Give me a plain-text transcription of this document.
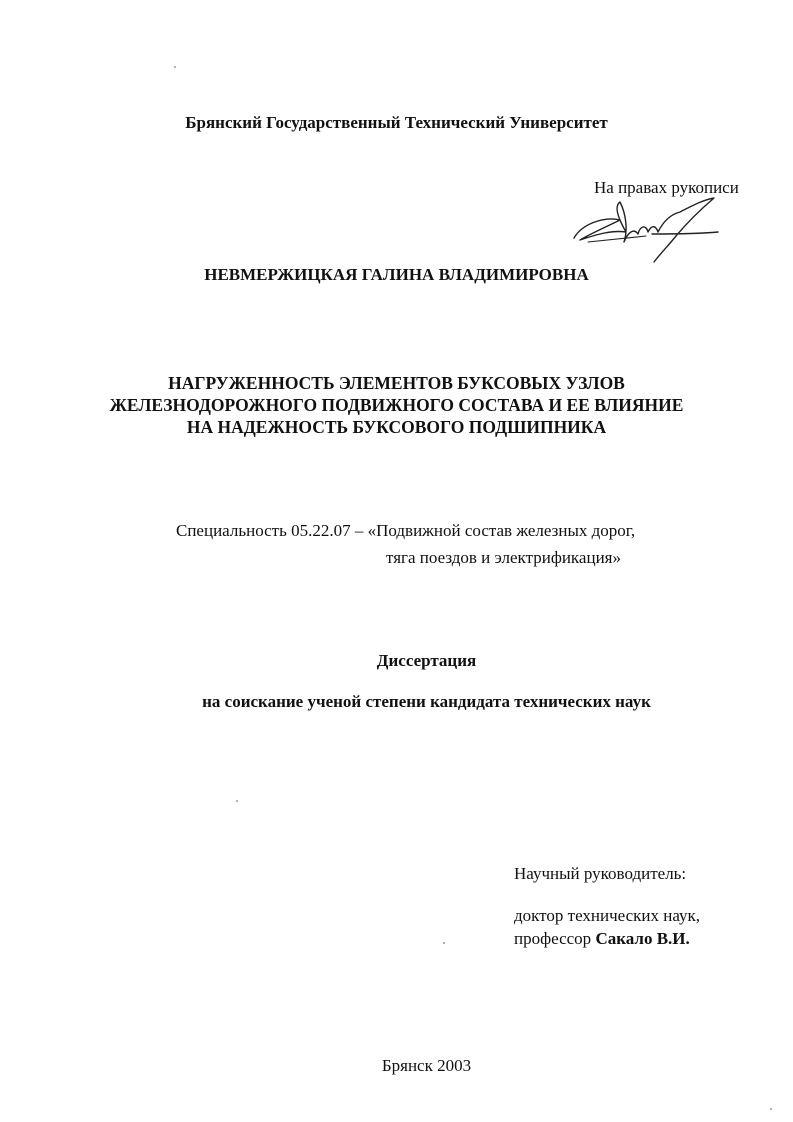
Брянский Государственный Технический Университет
На правах рукописи
НЕВМЕРЖИЦКАЯ ГАЛИНА ВЛАДИМИРОВНА
НАГРУЖЕННОСТЬ ЭЛЕМЕНТОВ БУКСОВЫХ УЗЛОВ
ЖЕЛЕЗНОДОРОЖНОГО ПОДВИЖНОГО СОСТАВА И ЕЕ ВЛИЯНИЕ
НА НАДЕЖНОСТЬ БУКСОВОГО ПОДШИПНИКА
Специальность 05.22.07 – «Подвижной состав железных дорог,
тяга поездов и электрификация»
Диссертация
на соискание ученой степени кандидата технических наук
Научный руководитель:
доктор технических наук,
профессор Сакало В.И.
Брянск 2003
